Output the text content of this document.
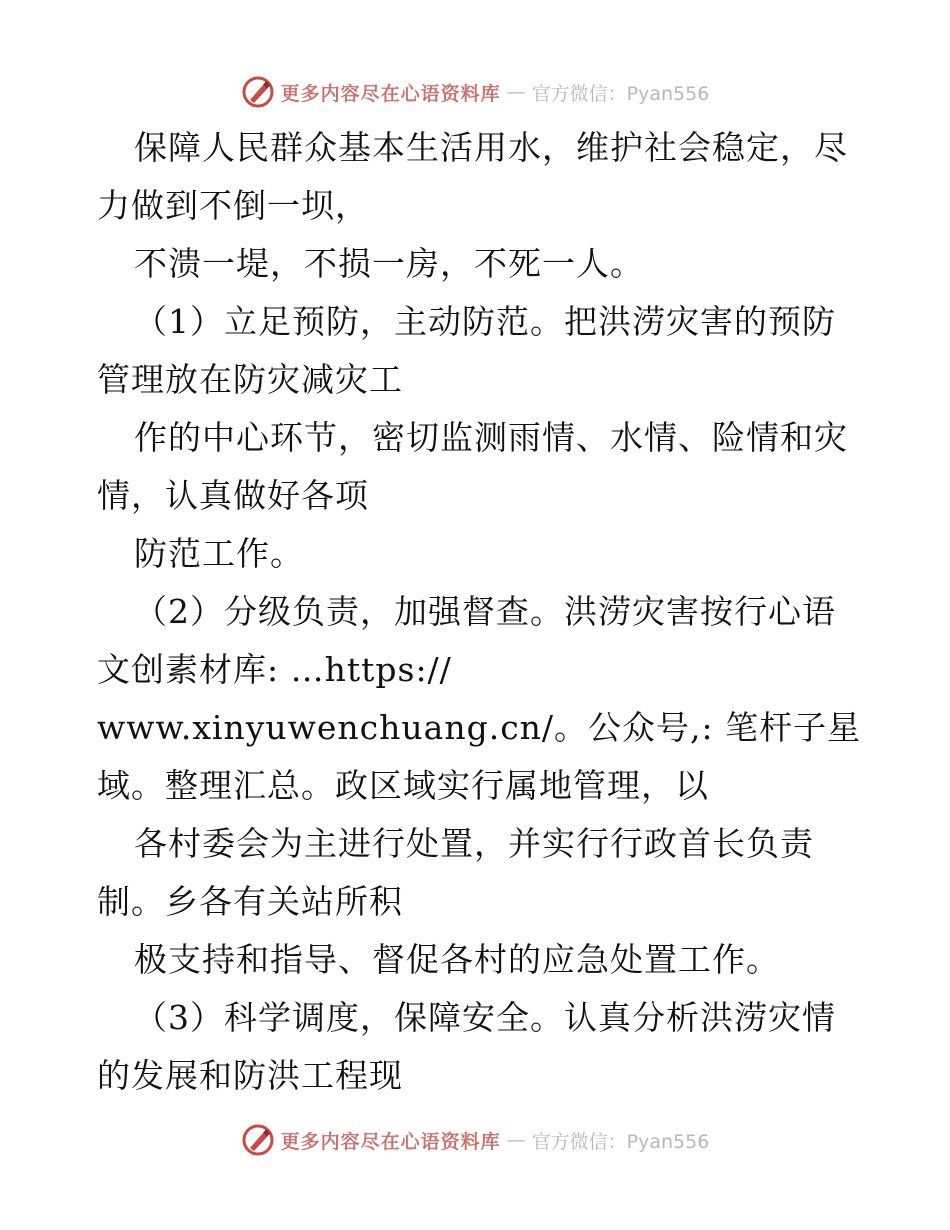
更多内容尽在心语资料库 — 官方微信：Pyan556
保障人民群众基本生活用水，维护社会稳定，尽
力做到不倒一坝，
不溃一堤，不损一房，不死一人。
（1）立足预防，主动防范。把洪涝灾害的预防
管理放在防灾减灾工
作的中心环节，密切监测雨情、水情、险情和灾
情，认真做好各项
防范工作。
（2）分级负责，加强督查。洪涝灾害按行心语
文创素材库: …https://
www.xinyuwenchuang.cn/。公众号,: 笔杆子星
域。整理汇总。政区域实行属地管理，以
各村委会为主进行处置，并实行行政首长负责
制。乡各有关站所积
极支持和指导、督促各村的应急处置工作。
（3）科学调度，保障安全。认真分析洪涝灾情
的发展和防洪工程现
更多内容尽在心语资料库 — 官方微信：Pyan556
